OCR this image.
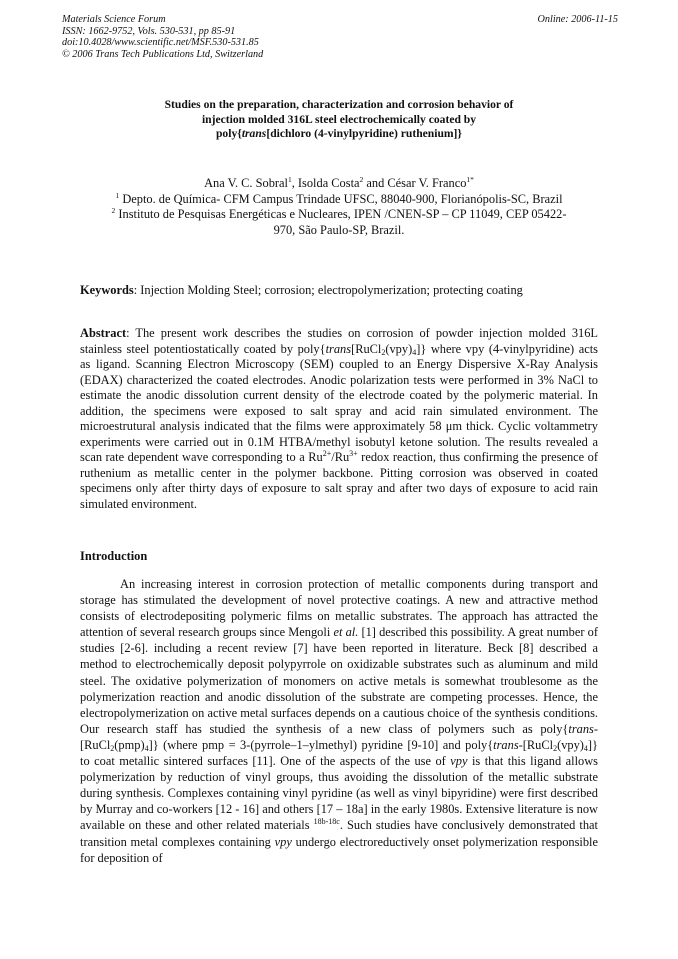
Materials Science Forum
ISSN: 1662-9752, Vols. 530-531, pp 85-91
doi:10.4028/www.scientific.net/MSF.530-531.85
© 2006 Trans Tech Publications Ltd, Switzerland
Online: 2006-11-15
Studies on the preparation, characterization and corrosion behavior of
injection molded 316L steel electrochemically coated by
poly{trans[dichloro (4-vinylpyridine) ruthenium]}
Ana V. C. Sobral$^1$, Isolda Costa$^2$ and César V. Franco$^{1*}$
$^1$ Depto. de Química- CFM Campus Trindade UFSC, 88040-900, Florianópolis-SC, Brazil
$^2$ Instituto de Pesquisas Energéticas e Nucleares, IPEN /CNEN-SP – CP 11049, CEP 05422-
970, São Paulo-SP, Brazil.
Keywords: Injection Molding Steel; corrosion; electropolymerization; protecting coating
Abstract: The present work describes the studies on corrosion of powder injection molded 316L stainless steel potentiostatically coated by $poly\{trans[RuCl_2(vpy)_4]\}$ where vpy (4-vinylpyridine) acts as ligand. Scanning Electron Microscopy (SEM) coupled to an Energy Dispersive X-Ray Analysis (EDAX) characterized the coated electrodes. Anodic polarization tests were performed in 3% NaCl to estimate the anodic dissolution current density of the electrode coated by the polymeric material. In addition, the specimens were exposed to salt spray and acid rain simulated environment. The microestrutural analysis indicated that the films were approximately 58 μm thick. Cyclic voltammetry experiments were carried out in 0.1M HTBA/methyl isobutyl ketone solution. The results revealed a scan rate dependent wave corresponding to a $Ru^{2+}/Ru^{3+}$ redox reaction, thus confirming the presence of ruthenium as metallic center in the polymer backbone. Pitting corrosion was observed in coated specimens only after thirty days of exposure to salt spray and after two days of exposure to acid rain simulated environment.
Introduction
An increasing interest in corrosion protection of metallic components during transport and storage has stimulated the development of novel protective coatings. A new and attractive method consists of electrodepositing polymeric films on metallic substrates. The approach has attracted the attention of several research groups since Mengoli et al. [1] described this possibility. A great number of studies [2-6]. including a recent review [7] have been reported in literature. Beck [8] described a method to electrochemically deposit polypyrrole on oxidizable substrates such as aluminum and mild steel. The oxidative polymerization of monomers on active metals is somewhat troublesome as the polymerization reaction and anodic dissolution of the substrate are competing processes. Hence, the electropolymerization on active metal surfaces depends on a cautious choice of the synthesis conditions. Our research staff has studied the synthesis of a new class of polymers such as $poly\{trans-[RuCl_2(pmp)_4]\}$ (where pmp = 3-(pyrrole–1–ylmethyl) pyridine [9-10] and $poly\{trans-[RuCl_2(vpy)_4]\}$ to coat metallic sintered surfaces [11]. One of the aspects of the use of vpy is that this ligand allows polymerization by reduction of vinyl groups, thus avoiding the dissolution of the metallic substrate during synthesis. Complexes containing vinyl pyridine (as well as vinyl bipyridine) were first described by Murray and co-workers [12 - 16] and others [17 – 18a] in the early 1980s. Extensive literature is now available on these and other related materials $^{18b-18c}$. Such studies have conclusively demonstrated that transition metal complexes containing vpy undergo electroreductively onset polymerization responsible for deposition of
